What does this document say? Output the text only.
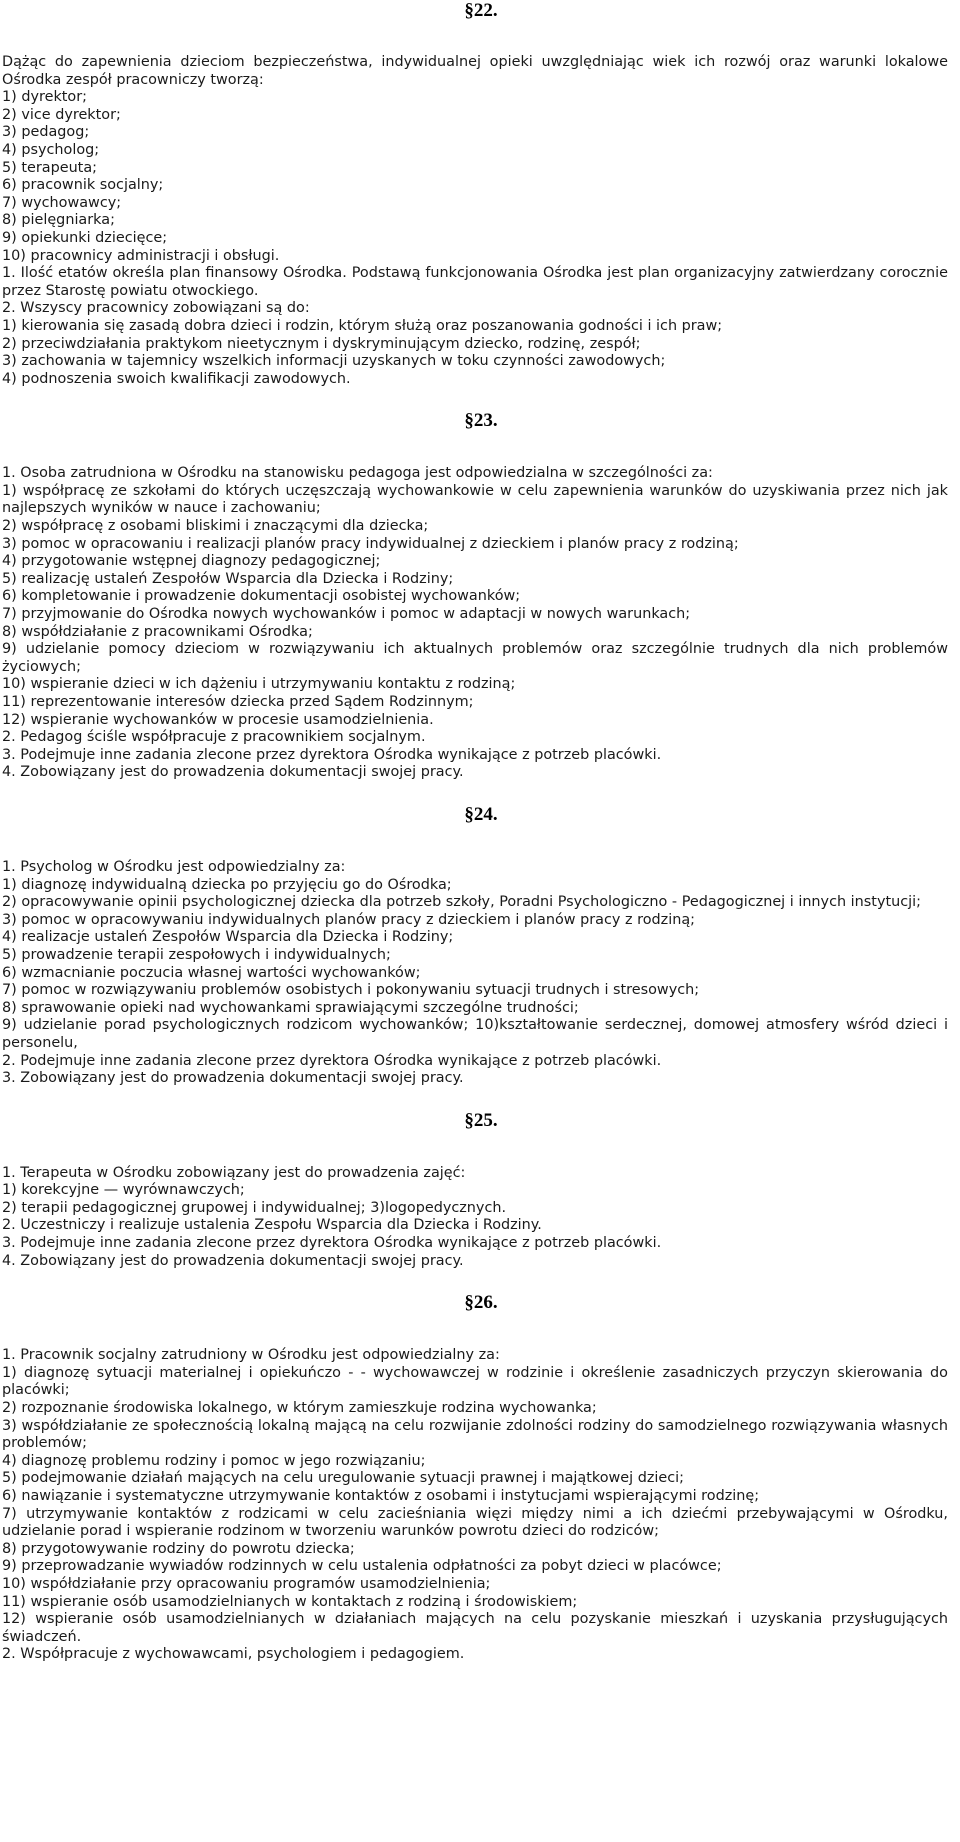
§22.
Dążąc do zapewnienia dzieciom bezpieczeństwa, indywidualnej opieki uwzględniając wiek ich rozwój oraz warunki lokalowe Ośrodka zespół pracowniczy tworzą:
1) dyrektor;
2) vice dyrektor;
3) pedagog;
4) psycholog;
5) terapeuta;
6) pracownik socjalny;
7) wychowawcy;
8) pielęgniarka;
9) opiekunki dziecięce;
10) pracownicy administracji i obsługi.
1. Ilość etatów określa plan finansowy Ośrodka. Podstawą funkcjonowania Ośrodka jest plan organizacyjny zatwierdzany corocznie przez Starostę powiatu otwockiego.
2. Wszyscy pracownicy zobowiązani są do:
1) kierowania się zasadą dobra dzieci i rodzin, którym służą oraz poszanowania godności i ich praw;
2) przeciwdziałania praktykom nieetycznym i dyskryminującym dziecko, rodzinę, zespół;
3) zachowania w tajemnicy wszelkich informacji uzyskanych w toku czynności zawodowych;
4) podnoszenia swoich kwalifikacji zawodowych.
§23.
1. Osoba zatrudniona w Ośrodku na stanowisku pedagoga jest odpowiedzialna w szczególności za:
1) współpracę ze szkołami do których uczęszczają wychowankowie w celu zapewnienia warunków do uzyskiwania przez nich jak najlepszych wyników w nauce i zachowaniu;
2) współpracę z osobami bliskimi i znaczącymi dla dziecka;
3) pomoc w opracowaniu i realizacji planów pracy indywidualnej z dzieckiem i planów pracy z rodziną;
4) przygotowanie wstępnej diagnozy pedagogicznej;
5) realizację ustaleń Zespołów Wsparcia dla Dziecka i Rodziny;
6) kompletowanie i prowadzenie dokumentacji osobistej wychowanków;
7) przyjmowanie do Ośrodka nowych wychowanków i pomoc w adaptacji w nowych warunkach;
8) współdziałanie z pracownikami Ośrodka;
9) udzielanie pomocy dzieciom w rozwiązywaniu ich aktualnych problemów oraz szczególnie trudnych dla nich problemów życiowych;
10) wspieranie dzieci w ich dążeniu i utrzymywaniu kontaktu z rodziną;
11) reprezentowanie interesów dziecka przed Sądem Rodzinnym;
12) wspieranie wychowanków w procesie usamodzielnienia.
2. Pedagog ściśle współpracuje z pracownikiem socjalnym.
3. Podejmuje inne zadania zlecone przez dyrektora Ośrodka wynikające z potrzeb placówki.
4. Zobowiązany jest do prowadzenia dokumentacji swojej pracy.
§24.
1. Psycholog w Ośrodku jest odpowiedzialny za:
1) diagnozę indywidualną dziecka po przyjęciu go do Ośrodka;
2) opracowywanie opinii psychologicznej dziecka dla potrzeb szkoły, Poradni Psychologiczno - Pedagogicznej i innych instytucji;
3) pomoc w opracowywaniu indywidualnych planów pracy z dzieckiem i planów pracy z rodziną;
4) realizacje ustaleń Zespołów Wsparcia dla Dziecka i Rodziny;
5) prowadzenie terapii zespołowych i indywidualnych;
6) wzmacnianie poczucia własnej wartości wychowanków;
7) pomoc w rozwiązywaniu problemów osobistych i pokonywaniu sytuacji trudnych i stresowych;
8) sprawowanie opieki nad wychowankami sprawiającymi szczególne trudności;
9) udzielanie porad psychologicznych rodzicom wychowanków; 10)kształtowanie serdecznej, domowej atmosfery wśród dzieci i personelu,
2. Podejmuje inne zadania zlecone przez dyrektora Ośrodka wynikające z potrzeb placówki.
3. Zobowiązany jest do prowadzenia dokumentacji swojej pracy.
§25.
1. Terapeuta w Ośrodku zobowiązany jest do prowadzenia zajęć:
1) korekcyjne — wyrównawczych;
2) terapii pedagogicznej grupowej i indywidualnej; 3)logopedycznych.
2. Uczestniczy i realizuje ustalenia Zespołu Wsparcia dla Dziecka i Rodziny.
3. Podejmuje inne zadania zlecone przez dyrektora Ośrodka wynikające z potrzeb placówki.
4. Zobowiązany jest do prowadzenia dokumentacji swojej pracy.
§26.
1. Pracownik socjalny zatrudniony w Ośrodku jest odpowiedzialny za:
1) diagnozę sytuacji materialnej i opiekuńczo - - wychowawczej w rodzinie i określenie zasadniczych przyczyn skierowania do placówki;
2) rozpoznanie środowiska lokalnego, w którym zamieszkuje rodzina wychowanka;
3) współdziałanie ze społecznością lokalną mającą na celu rozwijanie zdolności rodziny do samodzielnego rozwiązywania własnych problemów;
4) diagnozę problemu rodziny i pomoc w jego rozwiązaniu;
5) podejmowanie działań mających na celu uregulowanie sytuacji prawnej i majątkowej dzieci;
6) nawiązanie i systematyczne utrzymywanie kontaktów z osobami i instytucjami wspierającymi rodzinę;
7) utrzymywanie kontaktów z rodzicami w celu zacieśniania więzi między nimi a ich dziećmi przebywającymi w Ośrodku, udzielanie porad i wspieranie rodzinom w tworzeniu warunków powrotu dzieci do rodziców;
8) przygotowywanie rodziny do powrotu dziecka;
9) przeprowadzanie wywiadów rodzinnych w celu ustalenia odpłatności za pobyt dzieci w placówce;
10) współdziałanie przy opracowaniu programów usamodzielnienia;
11) wspieranie osób usamodzielnianych w kontaktach z rodziną i środowiskiem;
12) wspieranie osób usamodzielnianych w działaniach mających na celu pozyskanie mieszkań i uzyskania przysługujących świadczeń.
2. Współpracuje z wychowawcami, psychologiem i pedagogiem.
